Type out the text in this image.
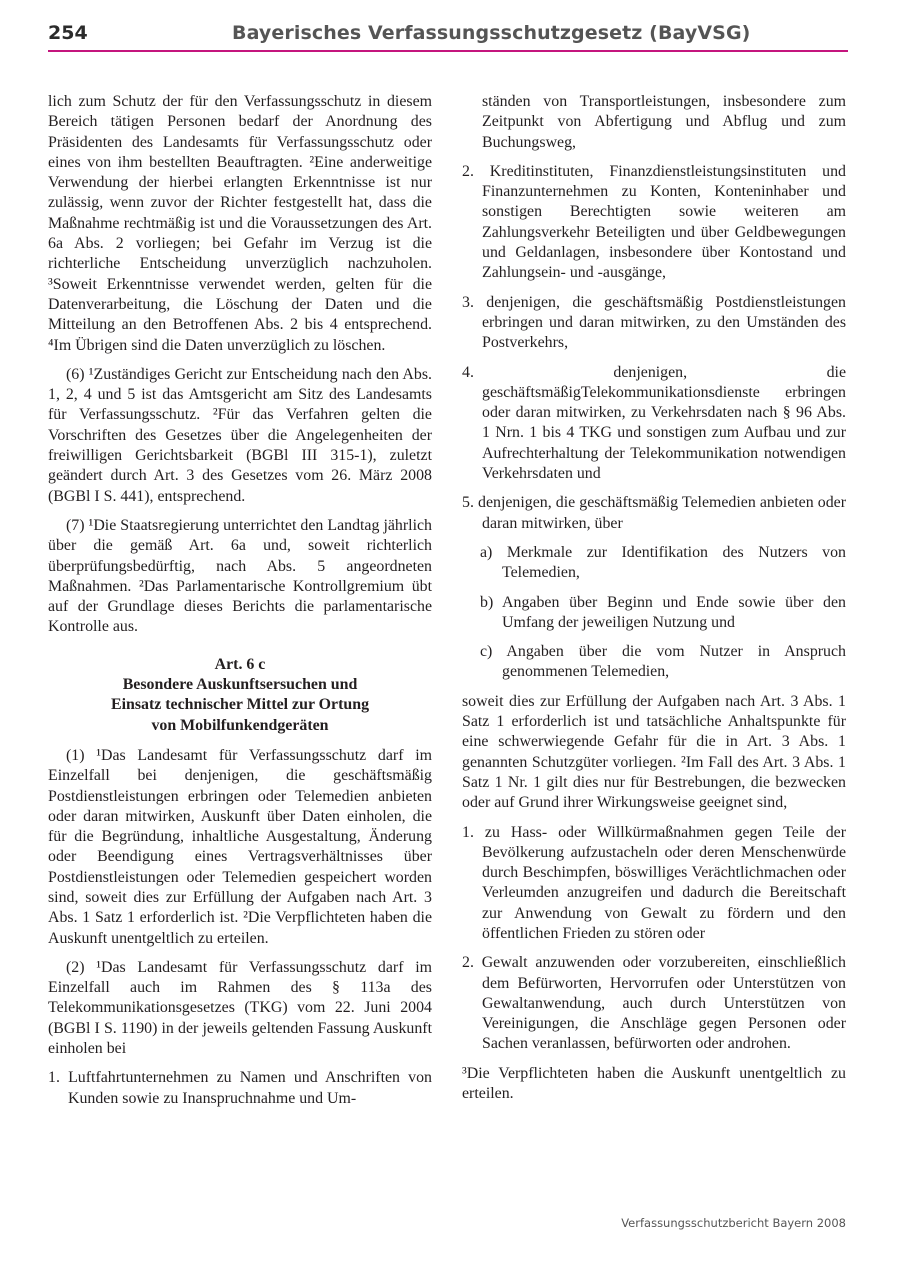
254	Bayerisches Verfassungsschutzgesetz (BayVSG)

lich zum Schutz der für den Verfassungsschutz in diesem Bereich tätigen Personen bedarf der Anordnung des Präsidenten des Landesamts für Verfassungsschutz oder eines von ihm bestellten Beauftragten. ²Eine anderweitige Verwendung der hierbei erlangten Erkenntnisse ist nur zulässig, wenn zuvor der Richter festgestellt hat, dass die Maßnahme rechtmäßig ist und die Voraussetzungen des Art. 6a Abs. 2 vorliegen; bei Gefahr im Verzug ist die richterliche Entscheidung unverzüglich nachzuholen. ³Soweit Erkenntnisse verwendet werden, gelten für die Datenverarbeitung, die Löschung der Daten und die Mitteilung an den Betroffenen Abs. 2 bis 4 entsprechend. ⁴Im Übrigen sind die Daten unverzüglich zu löschen.

(6) ¹Zuständiges Gericht zur Entscheidung nach den Abs. 1, 2, 4 und 5 ist das Amtsgericht am Sitz des Landesamts für Verfassungsschutz. ²Für das Verfahren gelten die Vorschriften des Gesetzes über die Angelegenheiten der freiwilligen Gerichtsbarkeit (BGBl III 315-1), zuletzt geändert durch Art. 3 des Gesetzes vom 26. März 2008 (BGBl I S. 441), entsprechend.

(7) ¹Die Staatsregierung unterrichtet den Landtag jährlich über die gemäß Art. 6a und, soweit richterlich überprüfungsbedürftig, nach Abs. 5 angeordneten Maßnahmen. ²Das Parlamentarische Kontrollgremium übt auf der Grundlage dieses Berichts die parlamentarische Kontrolle aus.

Art. 6 c
Besondere Auskunftsersuchen und
Einsatz technischer Mittel zur Ortung
von Mobilfunkendgeräten

(1) ¹Das Landesamt für Verfassungsschutz darf im Einzelfall bei denjenigen, die geschäftsmäßig Postdienstleistungen erbringen oder Telemedien anbieten oder daran mitwirken, Auskunft über Daten einholen, die für die Begründung, inhaltliche Ausgestaltung, Änderung oder Beendigung eines Vertragsverhältnisses über Postdienstleistungen oder Telemedien gespeichert worden sind, soweit dies zur Erfüllung der Aufgaben nach Art. 3 Abs. 1 Satz 1 erforderlich ist. ²Die Verpflichteten haben die Auskunft unentgeltlich zu erteilen.

(2) ¹Das Landesamt für Verfassungsschutz darf im Einzelfall auch im Rahmen des § 113a des Telekommunikationsgesetzes (TKG) vom 22. Juni 2004 (BGBl I S. 1190) in der jeweils geltenden Fassung Auskunft einholen bei

1. Luftfahrtunternehmen zu Namen und Anschriften von Kunden sowie zu Inanspruchnahme und Um-

ständen von Transportleistungen, insbesondere zum Zeitpunkt von Abfertigung und Abflug und zum Buchungsweg,

2. Kreditinstituten, Finanzdienstleistungsinstituten und Finanzunternehmen zu Konten, Konteninhaber und sonstigen Berechtigten sowie weiteren am Zahlungsverkehr Beteiligten und über Geldbewegungen und Geldanlagen, insbesondere über Kontostand und Zahlungsein- und -ausgänge,

3. denjenigen, die geschäftsmäßig Postdienstleistungen erbringen und daran mitwirken, zu den Umständen des Postverkehrs,

4. denjenigen, die geschäftsmäßigTelekommunikationsdienste erbringen oder daran mitwirken, zu Verkehrsdaten nach § 96 Abs. 1 Nrn. 1 bis 4 TKG und sonstigen zum Aufbau und zur Aufrechterhaltung der Telekommunikation notwendigen Verkehrsdaten und

5. denjenigen, die geschäftsmäßig Telemedien anbieten oder daran mitwirken, über

a) Merkmale zur Identifikation des Nutzers von Telemedien,

b) Angaben über Beginn und Ende sowie über den Umfang der jeweiligen Nutzung und

c) Angaben über die vom Nutzer in Anspruch genommenen Telemedien,

soweit dies zur Erfüllung der Aufgaben nach Art. 3 Abs. 1 Satz 1 erforderlich ist und tatsächliche Anhaltspunkte für eine schwerwiegende Gefahr für die in Art. 3 Abs. 1 genannten Schutzgüter vorliegen. ²Im Fall des Art. 3 Abs. 1 Satz 1 Nr. 1 gilt dies nur für Bestrebungen, die bezwecken oder auf Grund ihrer Wirkungsweise geeignet sind,

1. zu Hass- oder Willkürmaßnahmen gegen Teile der Bevölkerung aufzustacheln oder deren Menschenwürde durch Beschimpfen, böswilliges Verächtlichmachen oder Verleumden anzugreifen und dadurch die Bereitschaft zur Anwendung von Gewalt zu fördern und den öffentlichen Frieden zu stören oder

2. Gewalt anzuwenden oder vorzubereiten, einschließlich dem Befürworten, Hervorrufen oder Unterstützen von Gewaltanwendung, auch durch Unterstützen von Vereinigungen, die Anschläge gegen Personen oder Sachen veranlassen, befürworten oder androhen.

³Die Verpflichteten haben die Auskunft unentgeltlich zu erteilen.

Verfassungsschutzbericht Bayern 2008
